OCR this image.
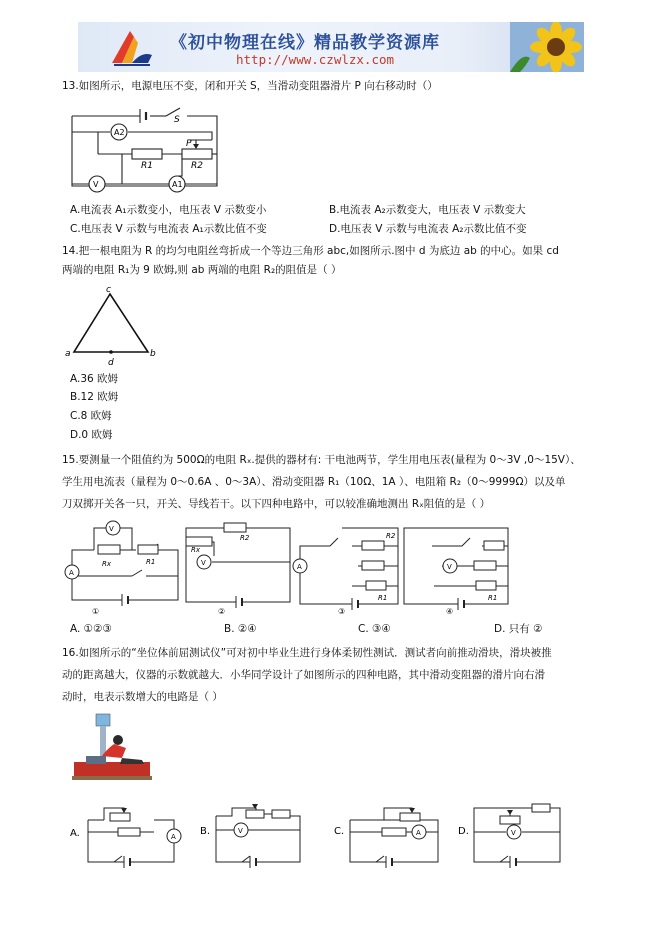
《初中物理在线》精品教学资源库
http://www.czwlzx.com
13.如图所示，电源电压不变，闭和开关 S，当滑动变阻器滑片 P 向右移动时（）
A2
V	A1
S
P
R1	R2
A.电流表 A₁示数变小，电压表 V 示数变小	B.电流表 A₂示数变大，电压表 V 示数变大
C.电压表 V 示数与电流表 A₁示数比值不变	D.电压表 V 示数与电流表 A₂示数比值不变
14.把一根电阻为 R 的均匀电阻丝弯折成一个等边三角形 abc,如图所示.图中 d 为底边 ab 的中心。如果 cd
两端的电阻 R₁为 9 欧姆,则 ab 两端的电阻 R₂的阻值是（ ）
c
a	b
d
A.36 欧姆
B.12 欧姆
C.8 欧姆
D.0 欧姆
15.要测量一个阻值约为 500Ω的电阻 Rₓ.提供的器材有: 干电池两节，学生用电压表(量程为 0～3V ,0～15V）、
学生用电流表（量程为 0～0.6A 、0～3A）、滑动变阻器 R₁（10Ω、1A ）、电阻箱 R₂（0～9999Ω）以及单
刀双掷开关各一只，开关、导线若干。以下四种电路中，可以较准确地测出 Rₓ阻值的是（ ）
V
A
Rx	R1	V
Rx
R2
A
R2
R1
V
R1
①	②	③	④
A. ①②③	B. ②④	C. ③④	D. 只有 ②
16.如图所示的“坐位体前屈测试仪”可对初中毕业生进行身体柔韧性测试．测试者向前推动滑块，滑块被推
动的距离越大，仪器的示数就越大．小华同学设计了如图所示的四种电路，其中滑动变阻器的滑片向右滑
动时，电表示数增大的电路是（ ）
A
V	A	V
A.	B.	C.	D.
